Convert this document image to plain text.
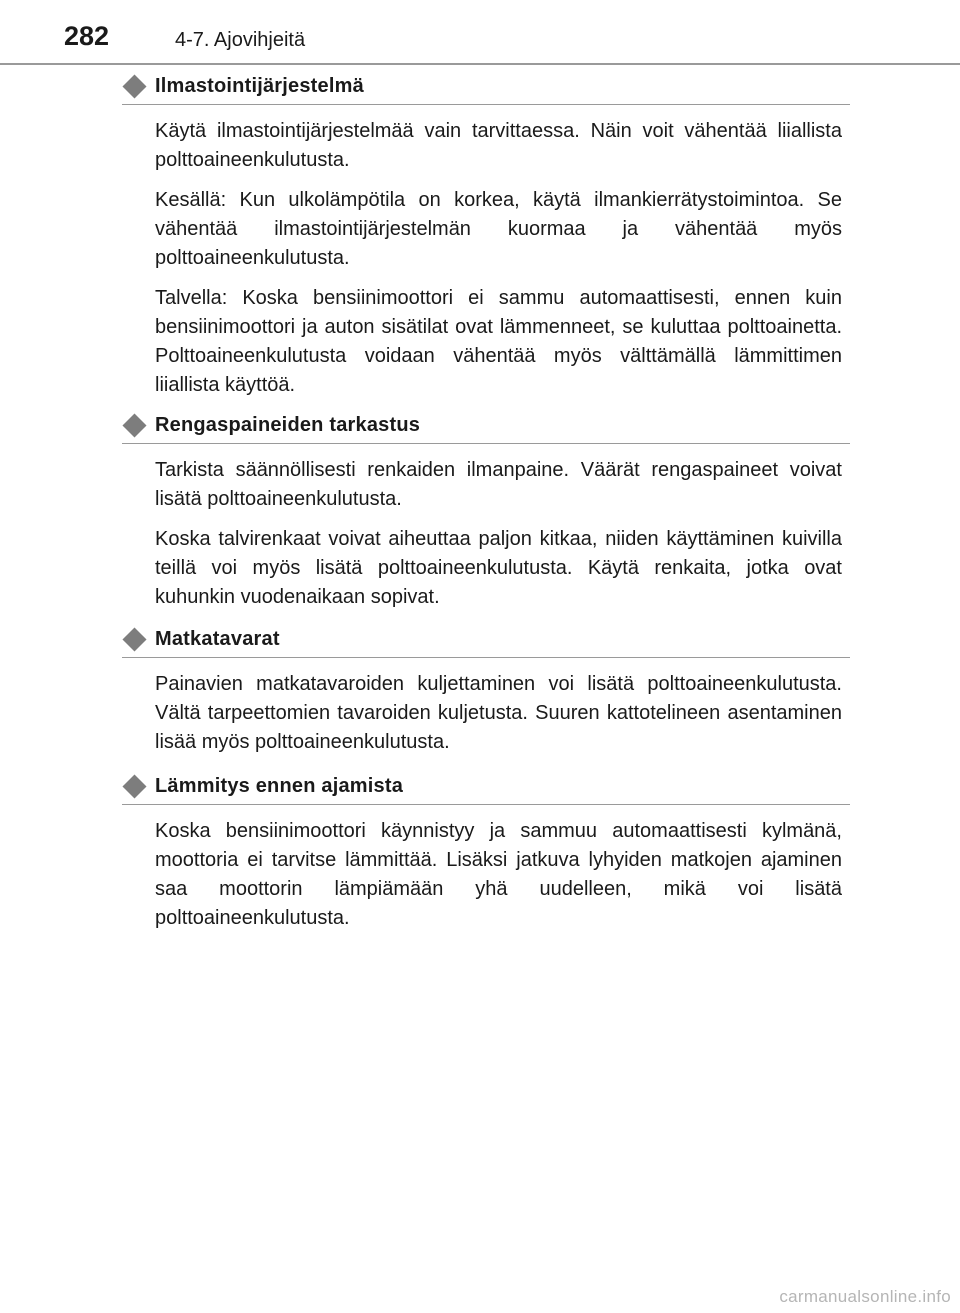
282	4-7. Ajovihjeitä
Ilmastointijärjestelmä

Käytä ilmastointijärjestelmää vain tarvittaessa. Näin voit vähentää liiallista polttoaineenkulutusta.

Kesällä: Kun ulkolämpötila on korkea, käytä ilmankierrätystoimintoa. Se vähentää ilmastointijärjestelmän kuormaa ja vähentää myös polttoaineenkulutusta.

Talvella: Koska bensiinimoottori ei sammu automaattisesti, ennen kuin bensiinimoottori ja auton sisätilat ovat lämmenneet, se kuluttaa polttoainetta. Polttoaineenkulutusta voidaan vähentää myös välttämällä lämmittimen liiallista käyttöä.

Rengaspaineiden tarkastus

Tarkista säännöllisesti renkaiden ilmanpaine. Väärät rengaspaineet voivat lisätä polttoaineenkulutusta.

Koska talvirenkaat voivat aiheuttaa paljon kitkaa, niiden käyttäminen kuivilla teillä voi myös lisätä polttoaineenkulutusta. Käytä renkaita, jotka ovat kuhunkin vuodenaikaan sopivat.

Matkatavarat

Painavien matkatavaroiden kuljettaminen voi lisätä polttoaineenkulutusta. Vältä tarpeettomien tavaroiden kuljetusta. Suuren kattotelineen asentaminen lisää myös polttoaineenkulutusta.

Lämmitys ennen ajamista

Koska bensiinimoottori käynnistyy ja sammuu automaattisesti kylmänä, moottoria ei tarvitse lämmittää. Lisäksi jatkuva lyhyiden matkojen ajaminen saa moottorin lämpiämään yhä uudelleen, mikä voi lisätä polttoaineenkulutusta.

carmanualsonline.info
